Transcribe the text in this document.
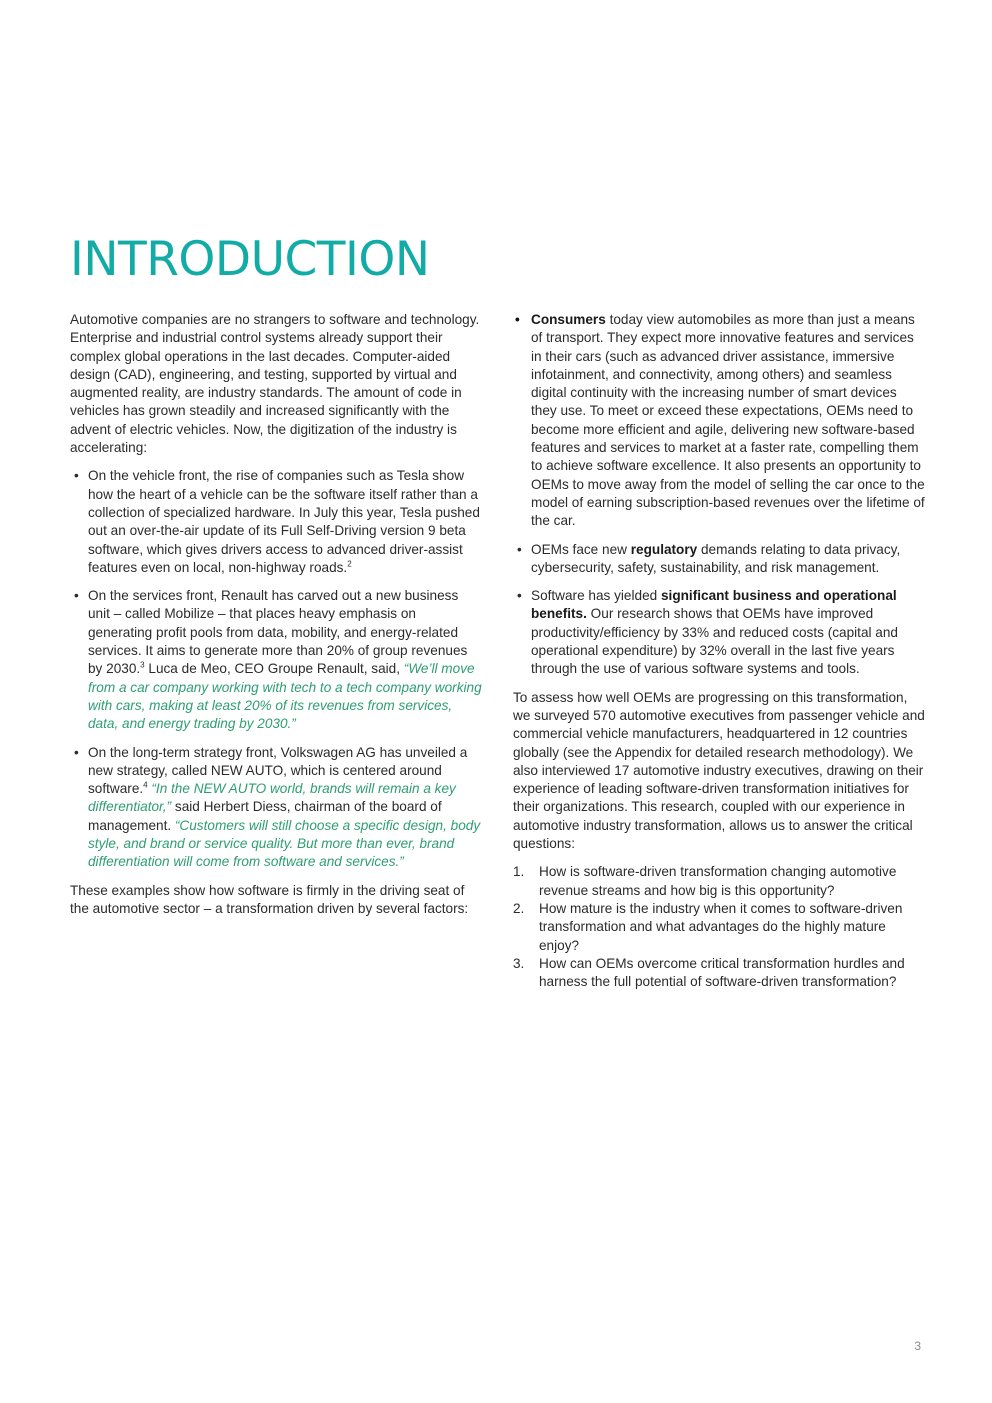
INTRODUCTION

Automotive companies are no strangers to software and technology. Enterprise and industrial control systems already support their complex global operations in the last decades. Computer-aided design (CAD), engineering, and testing, supported by virtual and augmented reality, are industry standards. The amount of code in vehicles has grown steadily and increased significantly with the advent of electric vehicles. Now, the digitization of the industry is accelerating:

• On the vehicle front, the rise of companies such as Tesla show how the heart of a vehicle can be the software itself rather than a collection of specialized hardware. In July this year, Tesla pushed out an over-the-air update of its Full Self-Driving version 9 beta software, which gives drivers access to advanced driver-assist features even on local, non-highway roads.$^2$
• On the services front, Renault has carved out a new business unit – called Mobilize – that places heavy emphasis on generating profit pools from data, mobility, and energy-related services. It aims to generate more than 20% of group revenues by 2030.$^3$ Luca de Meo, CEO Groupe Renault, said, “We’ll move from a car company working with tech to a tech company working with cars, making at least 20% of its revenues from services, data, and energy trading by 2030.”
• On the long-term strategy front, Volkswagen AG has unveiled a new strategy, called NEW AUTO, which is centered around software.$^4$ “In the NEW AUTO world, brands will remain a key differentiator,” said Herbert Diess, chairman of the board of management. “Customers will still choose a specific design, body style, and brand or service quality. But more than ever, brand differentiation will come from software and services.”

These examples show how software is firmly in the driving seat of the automotive sector – a transformation driven by several factors:

• Consumers today view automobiles as more than just a means of transport. They expect more innovative features and services in their cars (such as advanced driver assistance, immersive infotainment, and connectivity, among others) and seamless digital continuity with the increasing number of smart devices they use. To meet or exceed these expectations, OEMs need to become more efficient and agile, delivering new software-based features and services to market at a faster rate, compelling them to achieve software excellence. It also presents an opportunity to OEMs to move away from the model of selling the car once to the model of earning subscription-based revenues over the lifetime of the car.
• OEMs face new regulatory demands relating to data privacy, cybersecurity, safety, sustainability, and risk management.
• Software has yielded significant business and operational benefits. Our research shows that OEMs have improved productivity/efficiency by 33% and reduced costs (capital and operational expenditure) by 32% overall in the last five years through the use of various software systems and tools.

To assess how well OEMs are progressing on this transformation, we surveyed 570 automotive executives from passenger vehicle and commercial vehicle manufacturers, headquartered in 12 countries globally (see the Appendix for detailed research methodology). We also interviewed 17 automotive industry executives, drawing on their experience of leading software-driven transformation initiatives for their organizations. This research, coupled with our experience in automotive industry transformation, allows us to answer the critical questions:

1. How is software-driven transformation changing automotive revenue streams and how big is this opportunity?
2. How mature is the industry when it comes to software-driven transformation and what advantages do the highly mature enjoy?
3. How can OEMs overcome critical transformation hurdles and harness the full potential of software-driven transformation?
3
